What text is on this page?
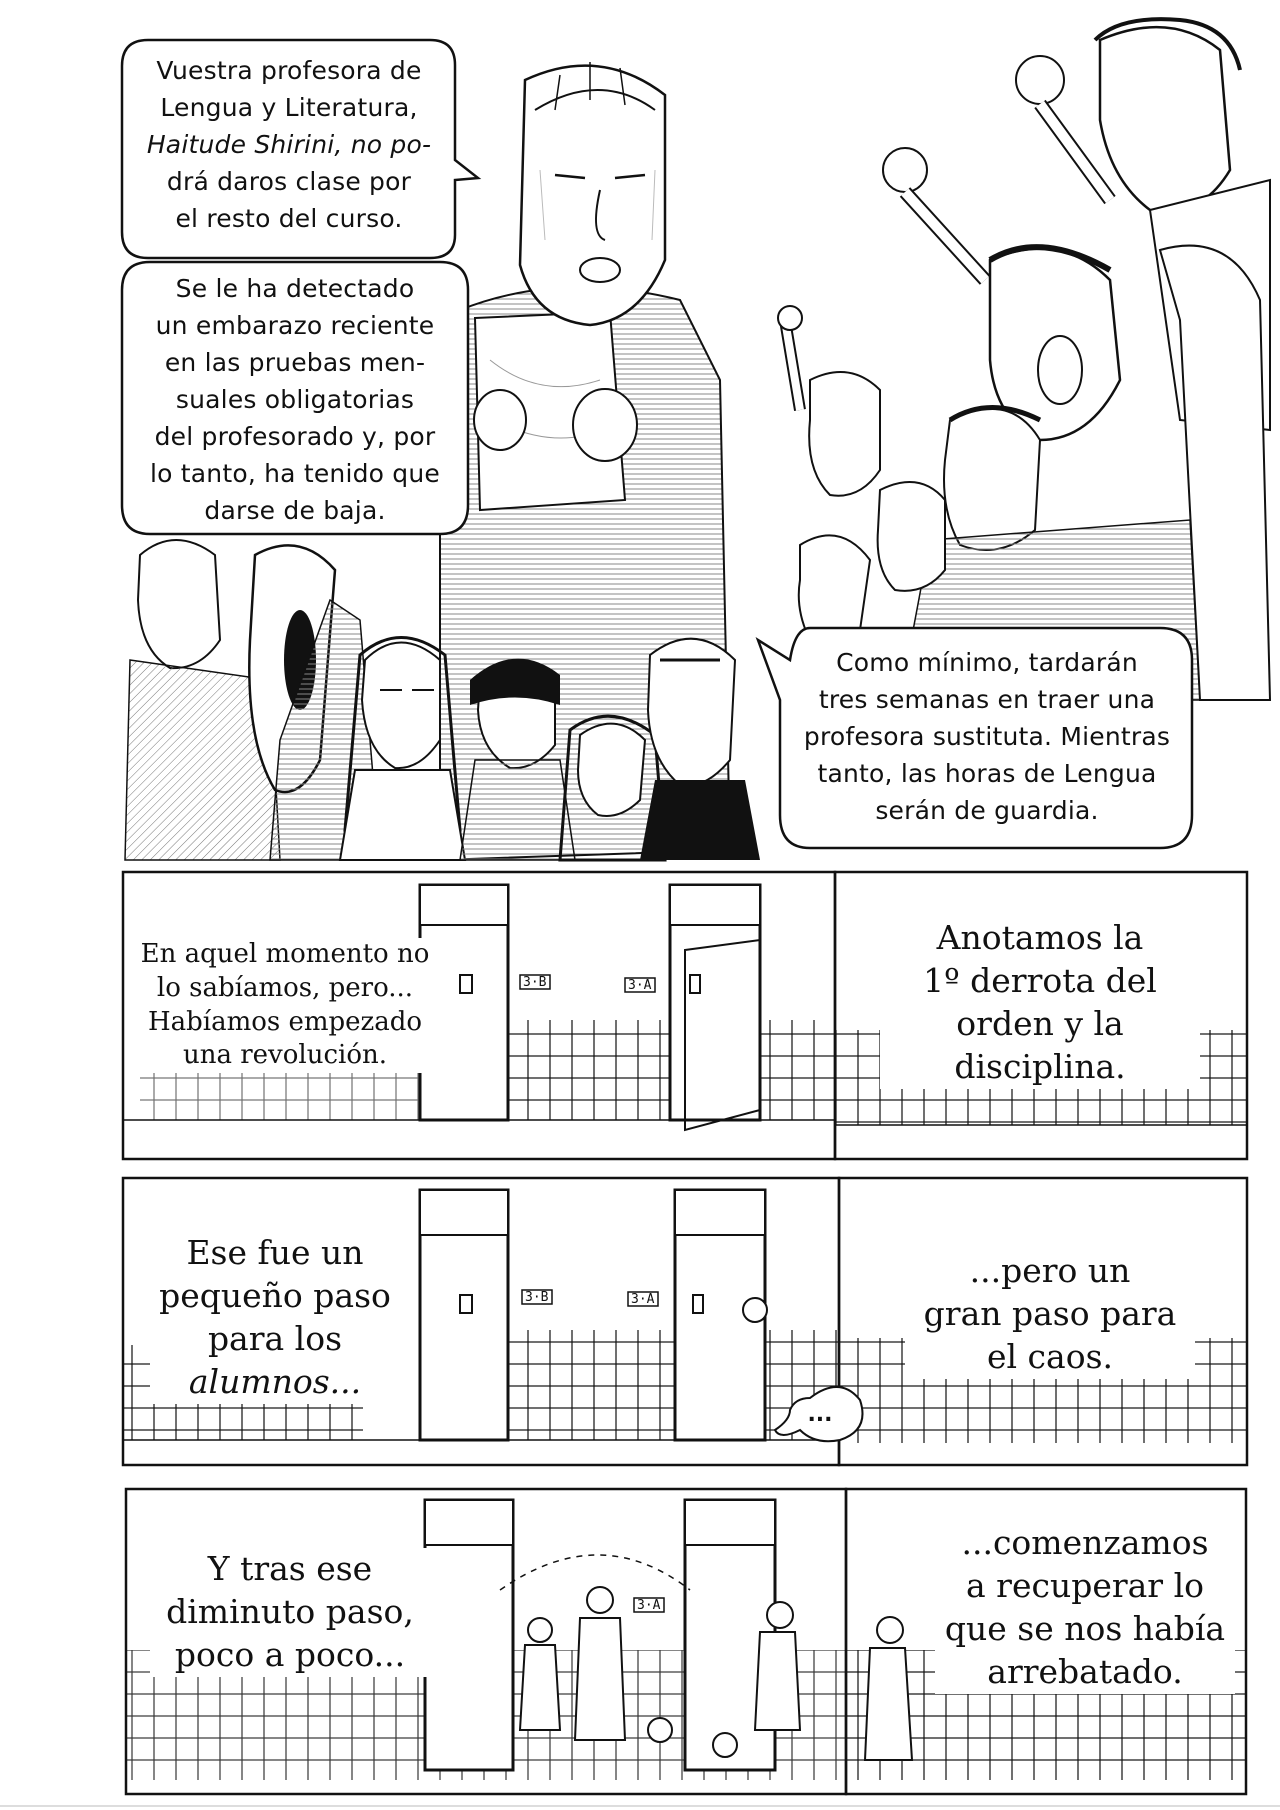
Vuestra profesora de
Lengua y Literatura,
Haitude Shirini, no po-
drá daros clase por
el resto del curso.
Se le ha detectado
un embarazo reciente
en las pruebas men-
suales obligatorias
del profesorado y, por
lo tanto, ha tenido que
darse de baja.
Como mínimo, tardarán
tres semanas en traer una
profesora sustituta. Mientras
tanto, las horas de Lengua
serán de guardia.
3·B	3·A
3·B	3·A
3·A
En aquel momento no
lo sabíamos, pero...
Habíamos empezado
una revolución.
Anotamos la
1º derrota del
orden y la
disciplina.
Ese fue un
pequeño paso
para los
alumnos...
...pero un
gran paso para
el caos.
...
Y tras ese
diminuto paso,
poco a poco...
...comenzamos
a recuperar lo
que se nos había
arrebatado.
